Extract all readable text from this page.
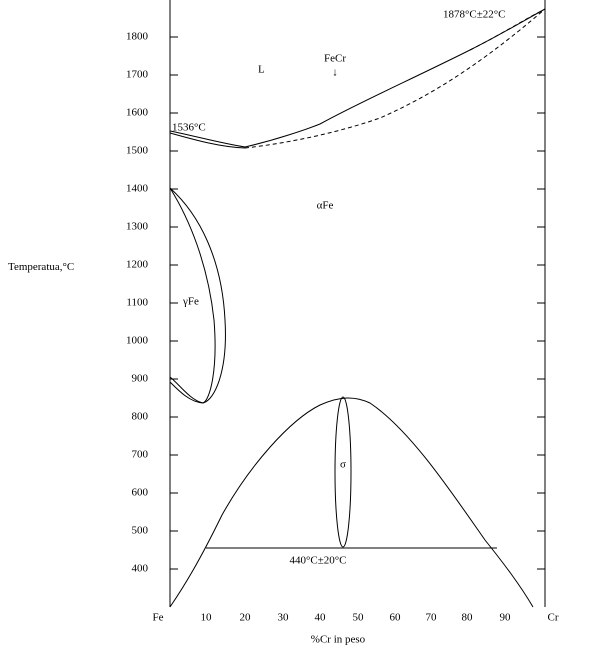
1800
1700
1600
1500
1400
1300
1200
1100
1000
900
800
700
600
500
400
Temperatua,°C
Fe	10	20 30 40 50 60 70 80 90	Cr
%Cr in peso
L
FeCr
↓
1536°C
1878°C±22°C
αFe
γFe
σ
440°C±20°C
